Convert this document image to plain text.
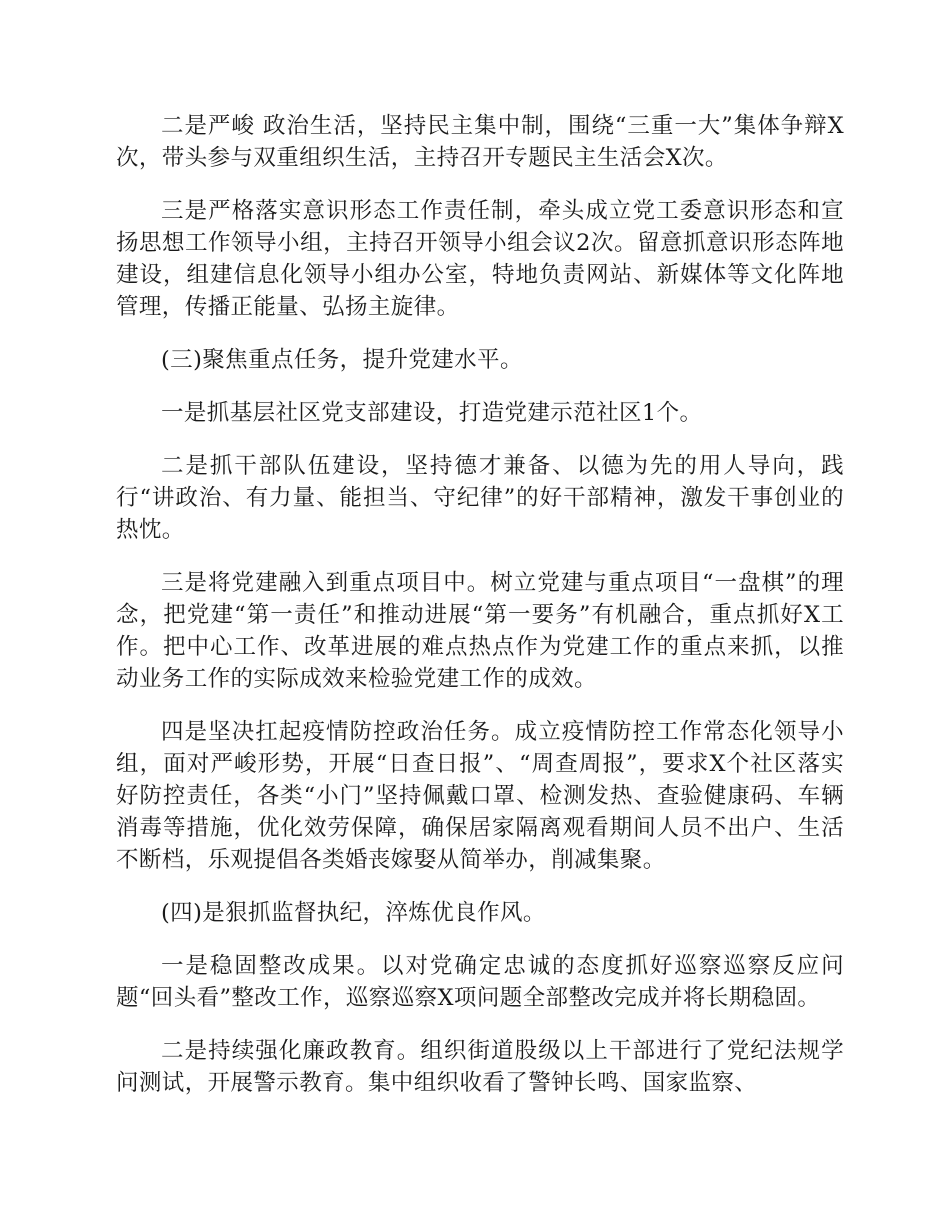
二是严峻 政治生活，坚持民主集中制，围绕“三重一大”集体争辩X次，带头参与双重组织生活，主持召开专题民主生活会X次。

三是严格落实意识形态工作责任制，牵头成立党工委意识形态和宣扬思想工作领导小组，主持召开领导小组会议2次。留意抓意识形态阵地建设，组建信息化领导小组办公室，特地负责网站、新媒体等文化阵地管理，传播正能量、弘扬主旋律。

(三)聚焦重点任务，提升党建水平。

一是抓基层社区党支部建设，打造党建示范社区1个。

二是抓干部队伍建设，坚持德才兼备、以德为先的用人导向，践行“讲政治、有力量、能担当、守纪律”的好干部精神，激发干事创业的热忱。

三是将党建融入到重点项目中。树立党建与重点项目“一盘棋”的理念，把党建“第一责任”和推动进展“第一要务”有机融合，重点抓好X工作。把中心工作、改革进展的难点热点作为党建工作的重点来抓，以推动业务工作的实际成效来检验党建工作的成效。

四是坚决扛起疫情防控政治任务。成立疫情防控工作常态化领导小组，面对严峻形势，开展“日查日报”、“周查周报”，要求X个社区落实好防控责任，各类“小门”坚持佩戴口罩、检测发热、查验健康码、车辆消毒等措施，优化效劳保障，确保居家隔离观看期间人员不出户、生活不断档，乐观提倡各类婚丧嫁娶从简举办，削减集聚。

(四)是狠抓监督执纪，淬炼优良作风。

一是稳固整改成果。以对党确定忠诚的态度抓好巡察巡察反应问题“回头看”整改工作，巡察巡察X项问题全部整改完成并将长期稳固。

二是持续强化廉政教育。组织街道股级以上干部进行了党纪法规学问测试，开展警示教育。集中组织收看了警钟长鸣、国家监察、
